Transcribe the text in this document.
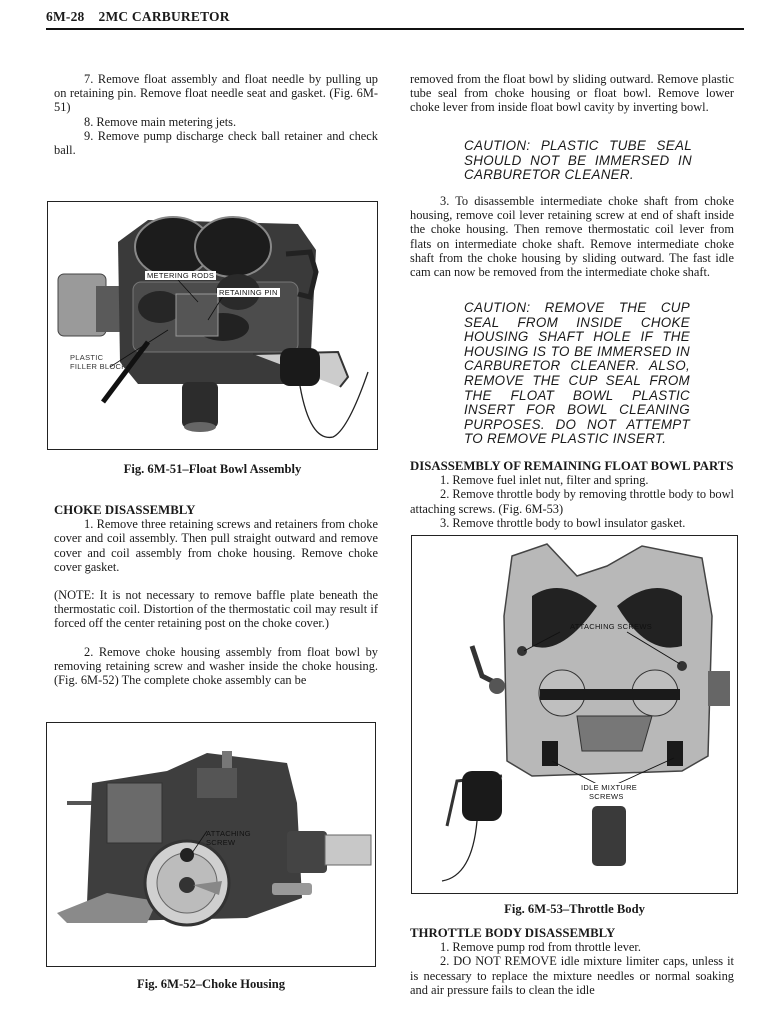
6M-28 2MC CARBURETOR

7. Remove float assembly and float needle by pulling up on retaining pin. Remove float needle seat and gasket. (Fig. 6M-51)

8. Remove main metering jets.

9. Remove pump discharge check ball retainer and check ball.

METERING RODS
RETAINING PIN
PLASTIC
FILLER BLOCK
Fig. 6M-51–Float Bowl Assembly

CHOKE DISASSEMBLY

1. Remove three retaining screws and retainers from choke cover and coil assembly. Then pull straight outward and remove cover and coil assembly from choke housing. Remove choke cover gasket.

(NOTE: It is not necessary to remove baffle plate beneath the thermostatic coil. Distortion of the thermostatic coil may result if forced off the center retaining post on the choke cover.)

2. Remove choke housing assembly from float bowl by removing retaining screw and washer inside the choke housing. (Fig. 6M-52) The complete choke assembly can be

ATTACHING
SCREW
Fig. 6M-52–Choke Housing

removed from the float bowl by sliding outward. Remove plastic tube seal from choke housing or float bowl. Remove lower choke lever from inside float bowl cavity by inverting bowl.

CAUTION: PLASTIC TUBE SEAL SHOULD NOT BE IMMERSED IN CARBURETOR CLEANER.

3. To disassemble intermediate choke shaft from choke housing, remove coil lever retaining screw at end of shaft inside the choke housing. Then remove thermostatic coil lever from flats on intermediate choke shaft. Remove intermediate choke shaft from the choke housing by sliding outward. The fast idle cam can now be removed from the intermediate choke shaft.

CAUTION: REMOVE THE CUP SEAL FROM INSIDE CHOKE HOUSING SHAFT HOLE IF THE HOUSING IS TO BE IMMERSED IN CARBURETOR CLEANER. ALSO, REMOVE THE CUP SEAL FROM THE FLOAT BOWL PLASTIC INSERT FOR BOWL CLEANING PURPOSES. DO NOT ATTEMPT TO REMOVE PLASTIC INSERT.

DISASSEMBLY OF REMAINING FLOAT BOWL PARTS

1. Remove fuel inlet nut, filter and spring.

2. Remove throttle body by removing throttle body to bowl attaching screws. (Fig. 6M-53)

3. Remove throttle body to bowl insulator gasket.

ATTACHING SCREWS
IDLE MIXTURE
SCREWS
Fig. 6M-53–Throttle Body

THROTTLE BODY DISASSEMBLY

1. Remove pump rod from throttle lever.

2. DO NOT REMOVE idle mixture limiter caps, unless it is necessary to replace the mixture needles or normal soaking and air pressure fails to clean the idle
